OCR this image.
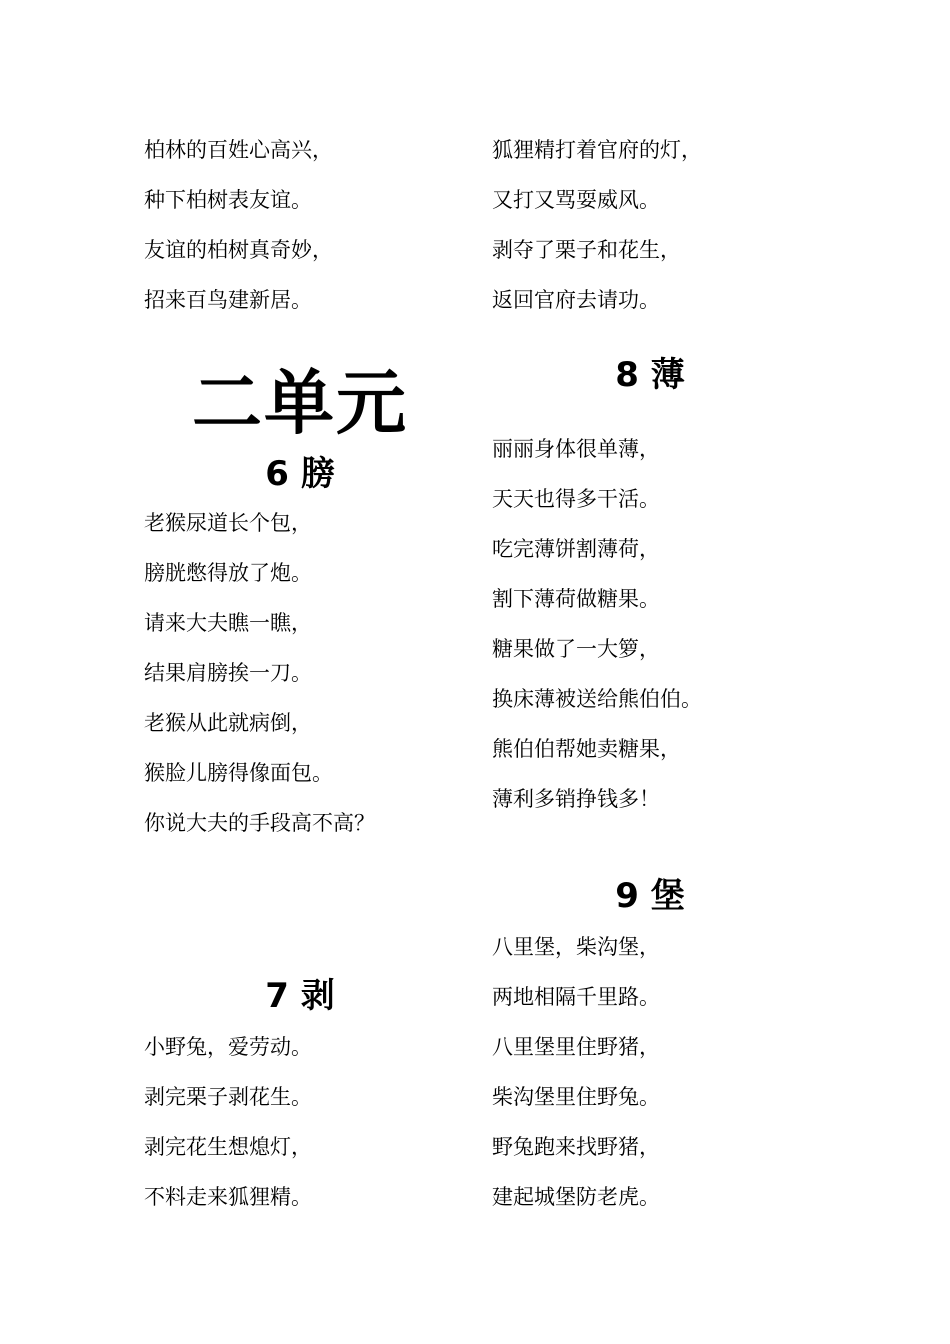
柏林的百姓心高兴，
种下柏树表友谊。
友谊的柏树真奇妙，
招来百鸟建新居。
二单元
6 膀
老猴尿道长个包，
膀胱憋得放了炮。
请来大夫瞧一瞧，
结果肩膀挨一刀。
老猴从此就病倒，
猴脸儿膀得像面包。
你说大夫的手段高不高？
7 剥
小野兔，爱劳动。
剥完栗子剥花生。
剥完花生想熄灯，
不料走来狐狸精。
狐狸精打着官府的灯，
又打又骂耍威风。
剥夺了栗子和花生，
返回官府去请功。
8 薄
丽丽身体很单薄，
天天也得多干活。
吃完薄饼割薄荷，
割下薄荷做糖果。
糖果做了一大箩，
换床薄被送给熊伯伯。
熊伯伯帮她卖糖果，
薄利多销挣钱多！
9 堡
八里堡，柴沟堡，
两地相隔千里路。
八里堡里住野猪，
柴沟堡里住野兔。
野兔跑来找野猪，
建起城堡防老虎。
